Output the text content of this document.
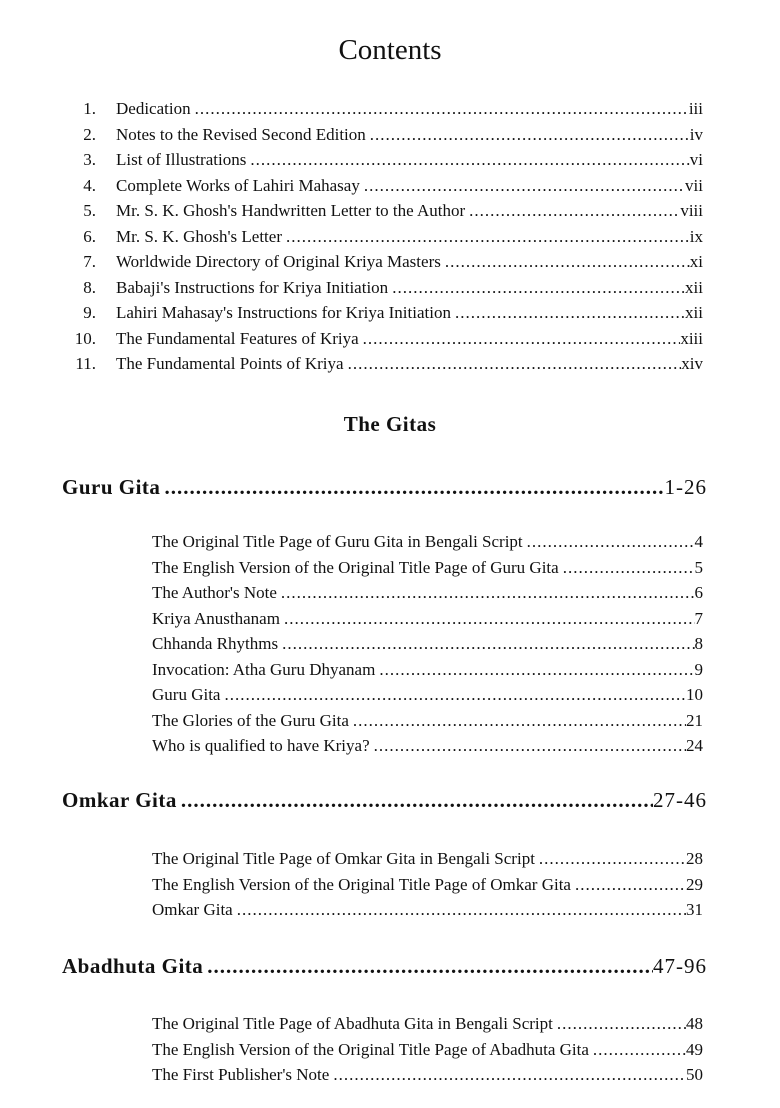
Contents
1. Dedication .....	iii
2. Notes to the Revised Second Edition .....	iv
3. List of Illustrations .....	vi
4. Complete Works of Lahiri Mahasay .....	vii
5. Mr. S. K. Ghosh's Handwritten Letter to the Author .....	viii
6. Mr. S. K. Ghosh's Letter .....	ix
7. Worldwide Directory of Original Kriya Masters .....	xi
8. Babaji's Instructions for Kriya Initiation .....	xii
9. Lahiri Mahasay's Instructions for Kriya Initiation .....	xii
10. The Fundamental Features of Kriya .....	xiii
11. The Fundamental Points of Kriya .....	xiv
The Gitas
Guru Gita .....	1-26
The Original Title Page of Guru Gita in Bengali Script .....	4
The English Version of the Original Title Page of Guru Gita .....	5
The Author's Note .....	6
Kriya Anusthanam .....	7
Chhanda Rhythms .....	8
Invocation: Atha Guru Dhyanam .....	9
Guru Gita .....	10
The Glories of the Guru Gita .....	21
Who is qualified to have Kriya? .....	24
Omkar Gita .....	27-46
The Original Title Page of Omkar Gita in Bengali Script .....	28
The English Version of the Original Title Page of Omkar Gita .....	29
Omkar Gita .....	31
Abadhuta Gita .....	47-96
The Original Title Page of Abadhuta Gita in Bengali Script .....	48
The English Version of the Original Title Page of Abadhuta Gita .....	49
The First Publisher's Note .....	50
